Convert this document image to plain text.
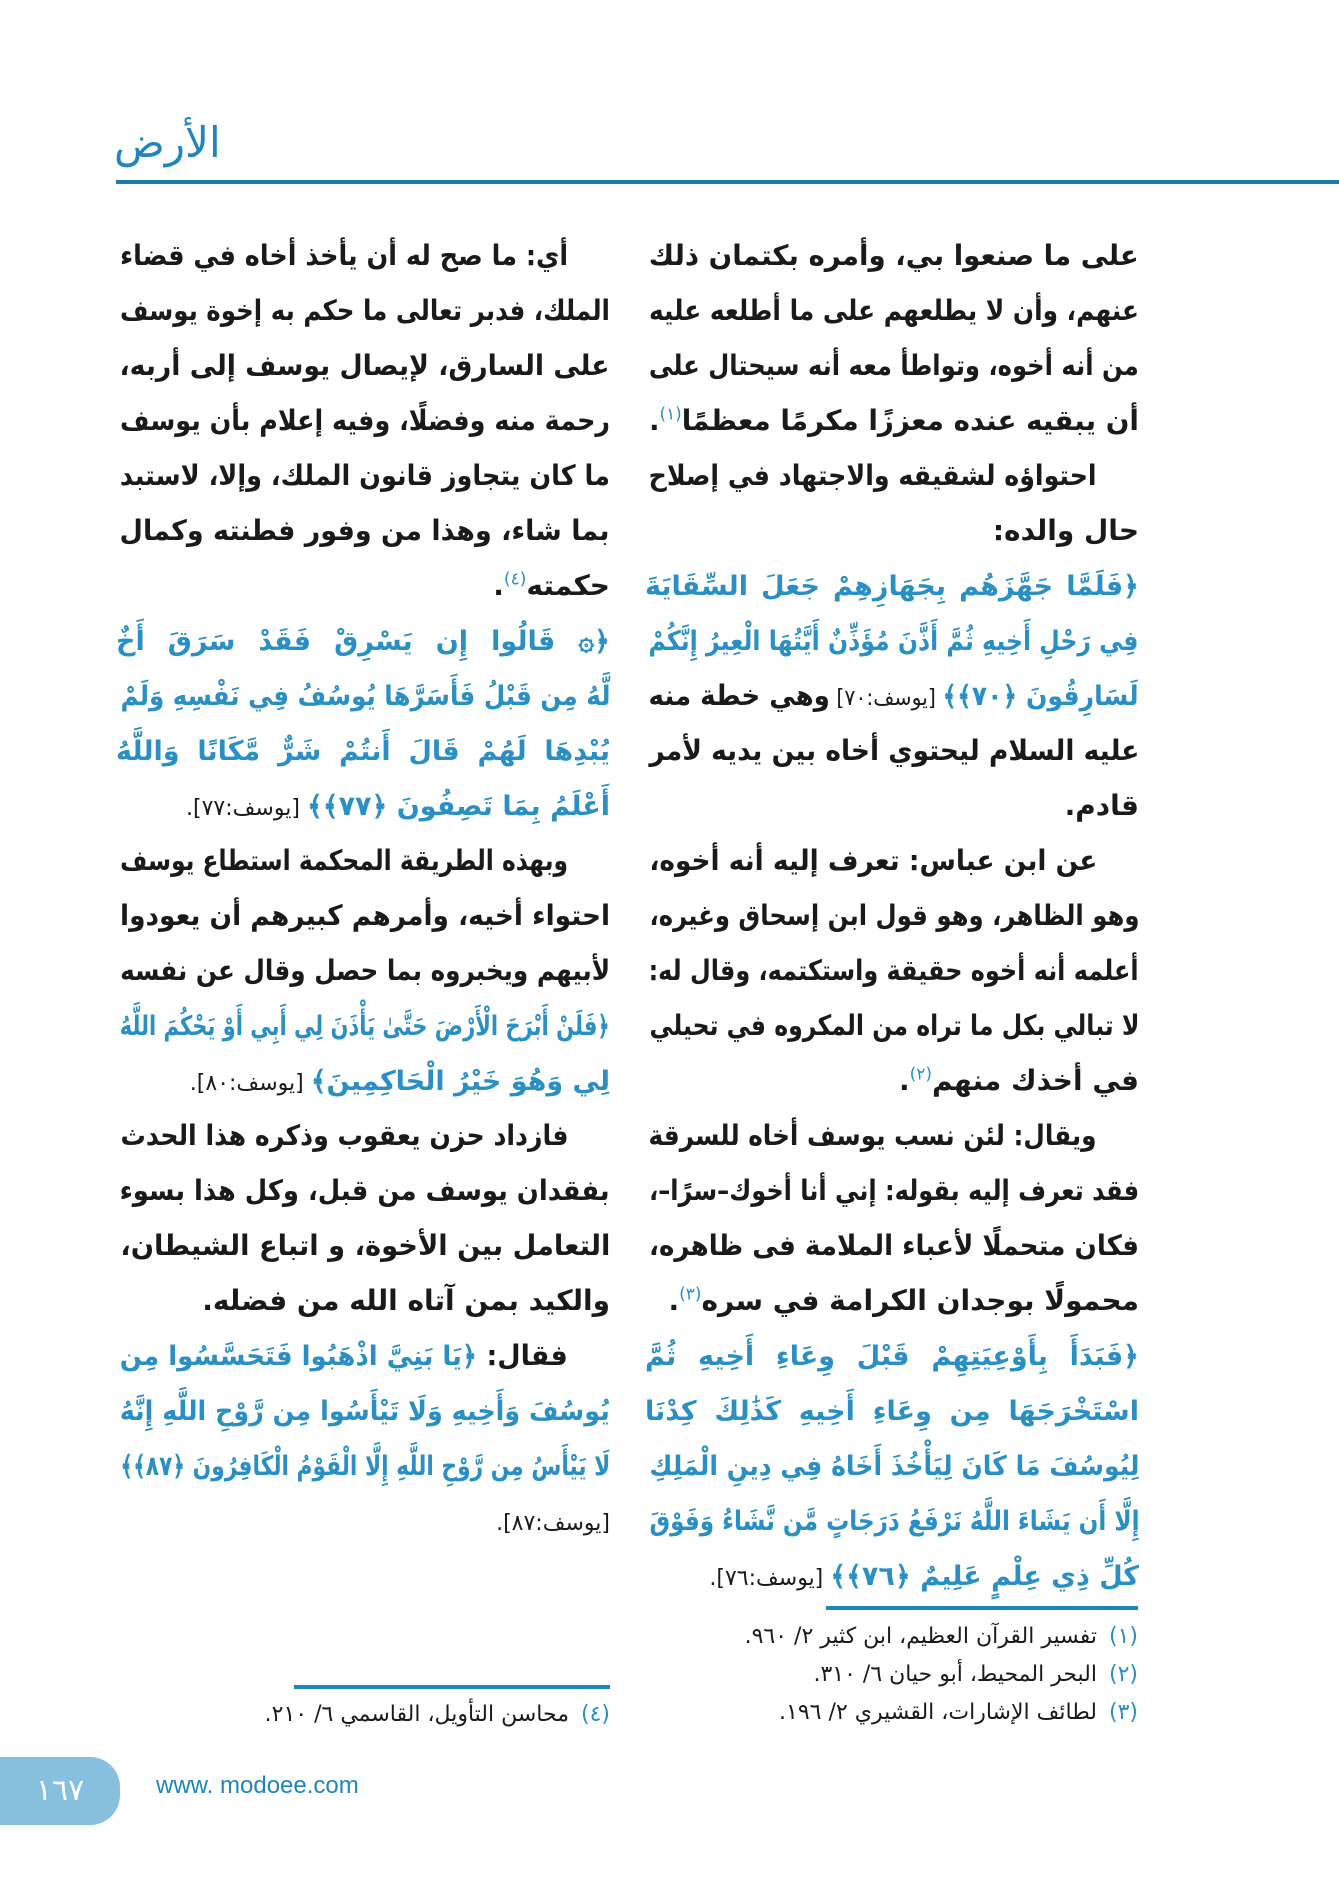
الأرض
على ما صنعوا بي، وأمره بكتمان ذلك
عنهم، وأن لا يطلعهم على ما أطلعه عليه
من أنه أخوه، وتواطأ معه أنه سيحتال على
أن يبقيه عنده معززًا مكرمًا معظمًا$^{(١)}$.
احتواؤه لشقيقه والاجتهاد في إصلاح
حال والده:
﴿فَلَمَّا جَهَّزَهُم بِجَهَازِهِمْ جَعَلَ السِّقَايَةَ
فِي رَحْلِ أَخِيهِ ثُمَّ أَذَّنَ مُؤَذِّنٌ أَيَّتُهَا الْعِيرُ إِنَّكُمْ
لَسَارِقُونَ ﴿٧٠﴾﴾ [يوسف:٧٠] وهي خطة منه
عليه السلام ليحتوي أخاه بين يديه لأمر
قادم.
عن ابن عباس: تعرف إليه أنه أخوه،
وهو الظاهر، وهو قول ابن إسحاق وغيره،
أعلمه أنه أخوه حقيقة واستكتمه، وقال له:
لا تبالي بكل ما تراه من المكروه في تحيلي
في أخذك منهم$^{(٢)}$.
ويقال: لئن نسب يوسف أخاه للسرقة
فقد تعرف إليه بقوله: إني أنا أخوك–سرًا–،
فكان متحملًا لأعباء الملامة فى ظاهره،
محمولًا بوجدان الكرامة في سره$^{(٣)}$.
﴿فَبَدَأَ بِأَوْعِيَتِهِمْ قَبْلَ وِعَاءِ أَخِيهِ ثُمَّ
اسْتَخْرَجَهَا مِن وِعَاءِ أَخِيهِ كَذَٰلِكَ كِدْنَا
لِيُوسُفَ مَا كَانَ لِيَأْخُذَ أَخَاهُ فِي دِينِ الْمَلِكِ
إِلَّا أَن يَشَاءَ اللَّهُ نَرْفَعُ دَرَجَاتٍ مَّن نَّشَاءُ وَفَوْقَ
كُلِّ ذِي عِلْمٍ عَلِيمٌ ﴿٧٦﴾﴾ [يوسف:٧٦].
أي: ما صح له أن يأخذ أخاه في قضاء
الملك، فدبر تعالى ما حكم به إخوة يوسف
على السارق، لإيصال يوسف إلى أربه،
رحمة منه وفضلًا، وفيه إعلام بأن يوسف
ما كان يتجاوز قانون الملك، وإلا، لاستبد
بما شاء، وهذا من وفور فطنته وكمال
حكمته$^{(٤)}$.
﴿۞ قَالُوا إِن يَسْرِقْ فَقَدْ سَرَقَ أَخٌ
لَّهُ مِن قَبْلُ فَأَسَرَّهَا يُوسُفُ فِي نَفْسِهِ وَلَمْ
يُبْدِهَا لَهُمْ قَالَ أَنتُمْ شَرٌّ مَّكَانًا وَاللَّهُ
أَعْلَمُ بِمَا تَصِفُونَ ﴿٧٧﴾﴾ [يوسف:٧٧].
وبهذه الطريقة المحكمة استطاع يوسف
احتواء أخيه، وأمرهم كبيرهم أن يعودوا
لأبيهم ويخبروه بما حصل وقال عن نفسه
﴿فَلَنْ أَبْرَحَ الْأَرْضَ حَتَّىٰ يَأْذَنَ لِي أَبِي أَوْ يَحْكُمَ اللَّهُ
لِي وَهُوَ خَيْرُ الْحَاكِمِينَ﴾ [يوسف:٨٠].
فازداد حزن يعقوب وذكره هذا الحدث
بفقدان يوسف من قبل، وكل هذا بسوء
التعامل بين الأخوة، و اتباع الشيطان،
والكيد بمن آتاه الله من فضله.
فقال: ﴿يَا بَنِيَّ اذْهَبُوا فَتَحَسَّسُوا مِن
يُوسُفَ وَأَخِيهِ وَلَا تَيْأَسُوا مِن رَّوْحِ اللَّهِ إِنَّهُ
لَا يَيْأَسُ مِن رَّوْحِ اللَّهِ إِلَّا الْقَوْمُ الْكَافِرُونَ ﴿٨٧﴾﴾
[يوسف:٨٧].
(١)تفسير القرآن العظيم، ابن كثير ٢/ ٩٦٠.
(٢)البحر المحيط، أبو حيان ٦/ ٣١٠.
(٣)لطائف الإشارات، القشيري ٢/ ١٩٦.
(٤)محاسن التأويل، القاسمي ٦/ ٢١٠.
١٦٧	www. modoee.com
